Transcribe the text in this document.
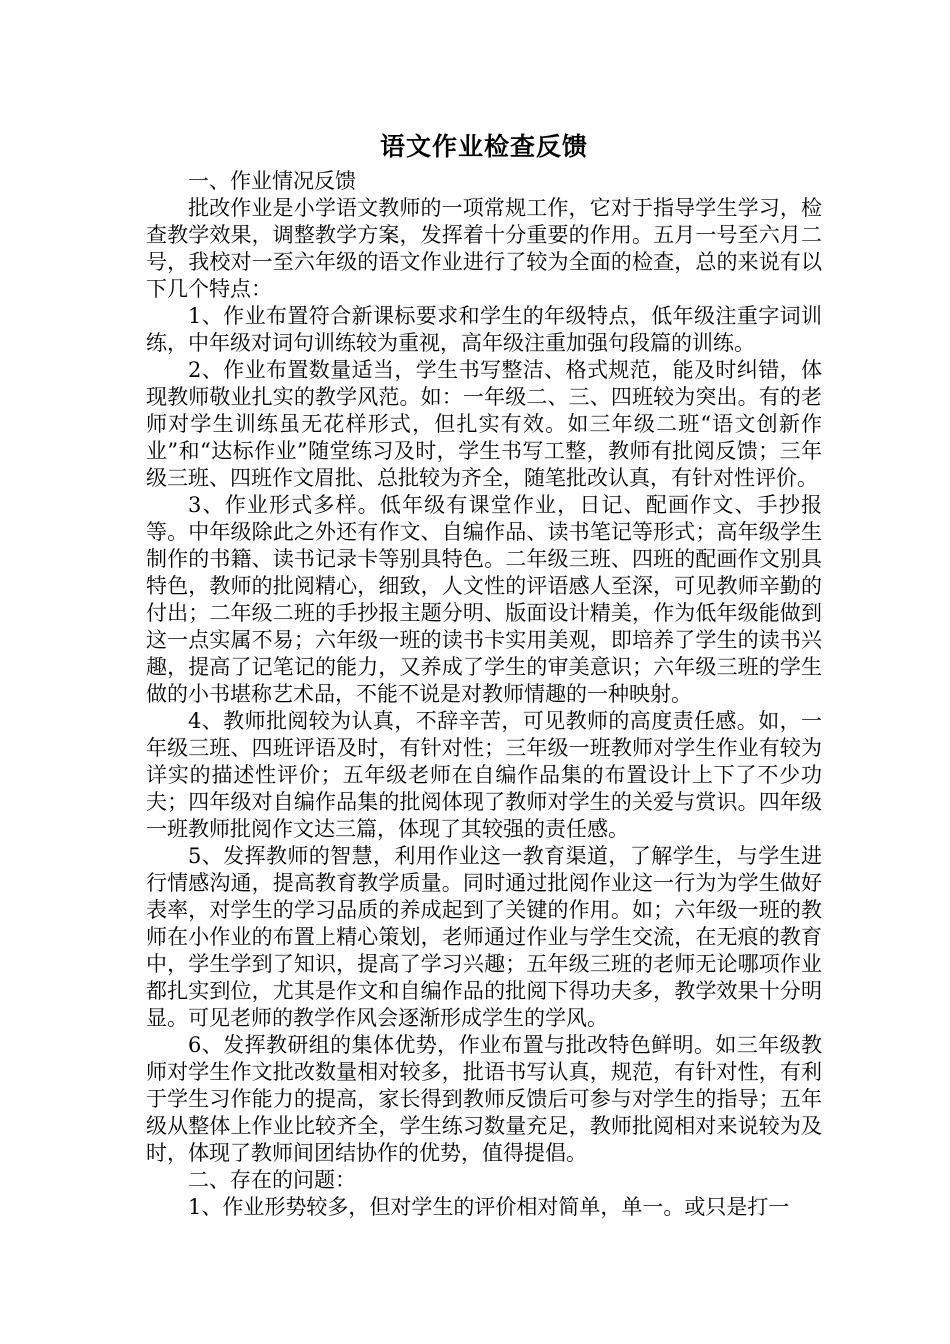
语文作业检查反馈

一、作业情况反馈

批改作业是小学语文教师的一项常规工作，它对于指导学生学习，检查教学效果，调整教学方案，发挥着十分重要的作用。五月一号至六月二号，我校对一至六年级的语文作业进行了较为全面的检查，总的来说有以下几个特点：

1、作业布置符合新课标要求和学生的年级特点，低年级注重字词训练，中年级对词句训练较为重视，高年级注重加强句段篇的训练。

2、作业布置数量适当，学生书写整洁、格式规范，能及时纠错，体现教师敬业扎实的教学风范。如：一年级二、三、四班较为突出。有的老师对学生训练虽无花样形式，但扎实有效。如三年级二班“语文创新作业”和“达标作业”随堂练习及时，学生书写工整，教师有批阅反馈；三年级三班、四班作文眉批、总批较为齐全，随笔批改认真，有针对性评价。

3、作业形式多样。低年级有课堂作业，日记、配画作文、手抄报等。中年级除此之外还有作文、自编作品、读书笔记等形式；高年级学生制作的书籍、读书记录卡等别具特色。二年级三班、四班的配画作文别具特色，教师的批阅精心，细致，人文性的评语感人至深，可见教师辛勤的付出；二年级二班的手抄报主题分明、版面设计精美，作为低年级能做到这一点实属不易；六年级一班的读书卡实用美观，即培养了学生的读书兴趣，提高了记笔记的能力，又养成了学生的审美意识；六年级三班的学生做的小书堪称艺术品，不能不说是对教师情趣的一种映射。

4、教师批阅较为认真，不辞辛苦，可见教师的高度责任感。如，一年级三班、四班评语及时，有针对性；三年级一班教师对学生作业有较为详实的描述性评价；五年级老师在自编作品集的布置设计上下了不少功夫；四年级对自编作品集的批阅体现了教师对学生的关爱与赏识。四年级一班教师批阅作文达三篇，体现了其较强的责任感。

5、发挥教师的智慧，利用作业这一教育渠道，了解学生，与学生进行情感沟通，提高教育教学质量。同时通过批阅作业这一行为为学生做好表率，对学生的学习品质的养成起到了关键的作用。如；六年级一班的教师在小作业的布置上精心策划，老师通过作业与学生交流，在无痕的教育中，学生学到了知识，提高了学习兴趣；五年级三班的老师无论哪项作业都扎实到位，尤其是作文和自编作品的批阅下得功夫多，教学效果十分明显。可见老师的教学作风会逐渐形成学生的学风。

6、发挥教研组的集体优势，作业布置与批改特色鲜明。如三年级教师对学生作文批改数量相对较多，批语书写认真，规范，有针对性，有利于学生习作能力的提高，家长得到教师反馈后可参与对学生的指导；五年级从整体上作业比较齐全，学生练习数量充足，教师批阅相对来说较为及时，体现了教师间团结协作的优势，值得提倡。

二、存在的问题：

1、作业形势较多，但对学生的评价相对简单，单一。或只是打一
